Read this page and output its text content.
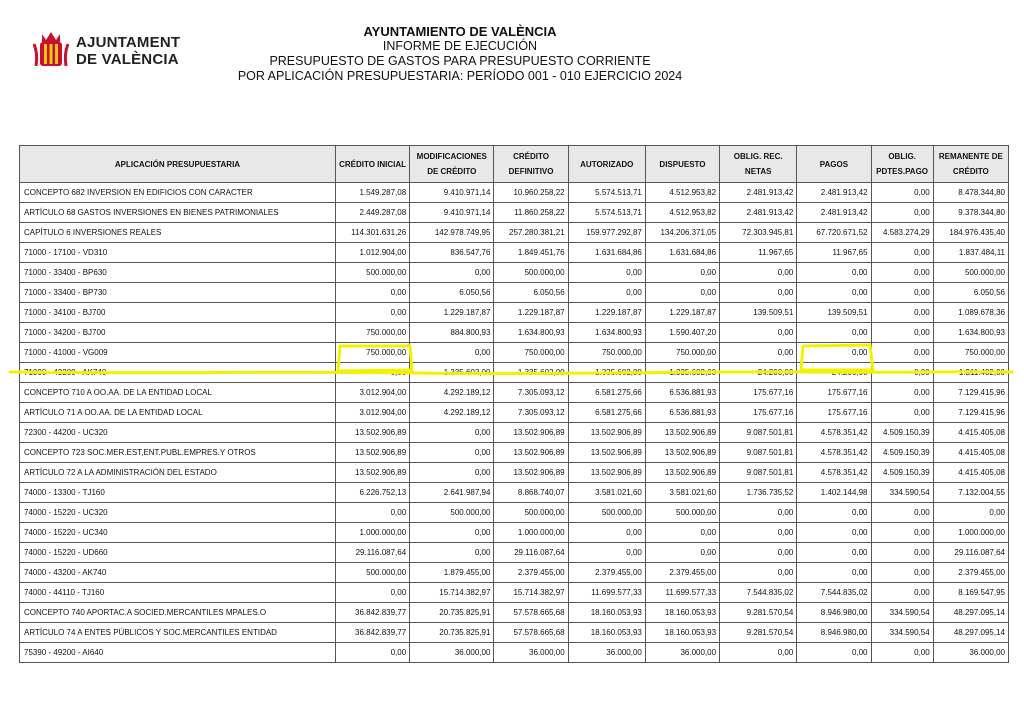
AJUNTAMENT
DE VALÈNCIA
AYUNTAMIENTO DE VALÈNCIA
INFORME DE EJECUCIÓN
PRESUPUESTO DE GASTOS PARA PRESUPUESTO CORRIENTE
POR APLICACIÓN PRESUPUESTARIA: PERÍODO 001 - 010 EJERCICIO 2024
APLICACIÓN PRESUPUESTARIA	CRÉDITO INICIAL	MODIFICACIONES DE CRÉDITO	CRÉDITO DEFINITIVO	AUTORIZADO	DISPUESTO	OBLIG. REC. NETAS	PAGOS	OBLIG. PDTES.PAGO	REMANENTE DE CRÉDITO
CONCEPTO 682 INVERSION EN EDIFICIOS CON CARACTER	1.549.287,08	9.410.971,14	10.960.258,22	5.574.513,71	4.512.953,82	2.481.913,42	2.481.913,42	0,00	8.478.344,80
ARTÍCULO 68 GASTOS INVERSIONES EN BIENES PATRIMONIALES	2.449.287,08	9.410.971,14	11.860.258,22	5.574.513,71	4.512.953,82	2.481.913,42	2.481.913,42	0,00	9.378.344,80
CAPÍTULO 6 INVERSIONES REALES	114.301.631,26	142.978.749,95	257.280.381,21	159.977.292,87	134.206.371,05	72.303.945,81	67.720.671,52	4.583.274,29	184.976.435,40
71000 - 17100 - VD310	1.012.904,00	836.547,76	1.849.451,76	1.631.684,86	1.631.684,86	11.967,65	11.967,65	0,00	1.837.484,11
71000 - 33400 - BP630	500.000,00	0,00	500.000,00	0,00	0,00	0,00	0,00	0,00	500.000,00
71000 - 33400 - BP730	0,00	6.050,56	6.050,56	0,00	0,00	0,00	0,00	0,00	6.050,56
71000 - 34100 - BJ700	0,00	1.229.187,87	1.229.187,87	1.229.187,87	1.229.187,87	139.509,51	139.509,51	0,00	1.089.678,36
71000 - 34200 - BJ700	750.000,00	884.800,93	1.634.800,93	1.634.800,93	1.590.407,20	0,00	0,00	0,00	1.634.800,93
71000 - 41000 - VG009	750.000,00	0,00	750.000,00	750.000,00	750.000,00	0,00	0,00	0,00	750.000,00
71000 - 43200 - AK740	0,00	1.335.602,00	1.335.602,00	1.335.602,00	1.335.602,00	24.200,00	24.200,00	0,00	1.311.402,00
CONCEPTO 710 A OO.AA. DE LA ENTIDAD LOCAL	3.012.904,00	4.292.189,12	7.305.093,12	6.581.275,66	6.536.881,93	175.677,16	175.677,16	0,00	7.129.415,96
ARTÍCULO 71 A OO.AA. DE LA ENTIDAD LOCAL	3.012.904,00	4.292.189,12	7.305.093,12	6.581.275,66	6.536.881,93	175.677,16	175.677,16	0,00	7.129.415,96
72300 - 44200 - UC320	13.502.906,89	0,00	13.502.906,89	13.502.906,89	13.502.906,89	9.087.501,81	4.578.351,42	4.509.150,39	4.415.405,08
CONCEPTO 723 SOC.MER.EST,ENT.PUBL.EMPRES.Y OTROS	13.502.906,89	0,00	13.502.906,89	13.502.906,89	13.502.906,89	9.087.501,81	4.578.351,42	4.509.150,39	4.415.405,08
ARTÍCULO 72 A LA ADMINISTRACIÓN DEL ESTADO	13.502.906,89	0,00	13.502.906,89	13.502.906,89	13.502.906,89	9.087.501,81	4.578.351,42	4.509.150,39	4.415.405,08
74000 - 13300 - TJ160	6.226.752,13	2.641.987,94	8.868.740,07	3.581.021,60	3.581.021,60	1.736.735,52	1.402.144,98	334.590,54	7.132.004,55
74000 - 15220 - UC320	0,00	500.000,00	500.000,00	500.000,00	500.000,00	0,00	0,00	0,00	0,00
74000 - 15220 - UC340	1.000.000,00	0,00	1.000.000,00	0,00	0,00	0,00	0,00	0,00	1.000.000,00
74000 - 15220 - UD660	29.116.087,64	0,00	29.116.087,64	0,00	0,00	0,00	0,00	0,00	29.116.087,64
74000 - 43200 - AK740	500.000,00	1.879.455,00	2.379.455,00	2.379.455,00	2.379.455,00	0,00	0,00	0,00	2.379.455,00
74000 - 44110 - TJ160	0,00	15.714.382,97	15.714.382,97	11.699.577,33	11.699.577,33	7.544.835,02	7.544.835,02	0,00	8.169.547,95
CONCEPTO 740 APORTAC.A SOCIED.MERCANTILES MPALES.O	36.842.839,77	20.735.825,91	57.578.665,68	18.160.053,93	18.160.053,93	9.281.570,54	8.946.980,00	334.590,54	48.297.095,14
ARTÍCULO 74 A ENTES PÚBLICOS Y SOC.MERCANTILES ENTIDAD	36.842.839,77	20.735.825,91	57.578.665,68	18.160.053,93	18.160.053,93	9.281.570,54	8.946.980,00	334.590,54	48.297.095,14
75390 - 49200 - AI640	0,00	36.000,00	36.000,00	36.000,00	36.000,00	0,00	0,00	0,00	36.000,00
